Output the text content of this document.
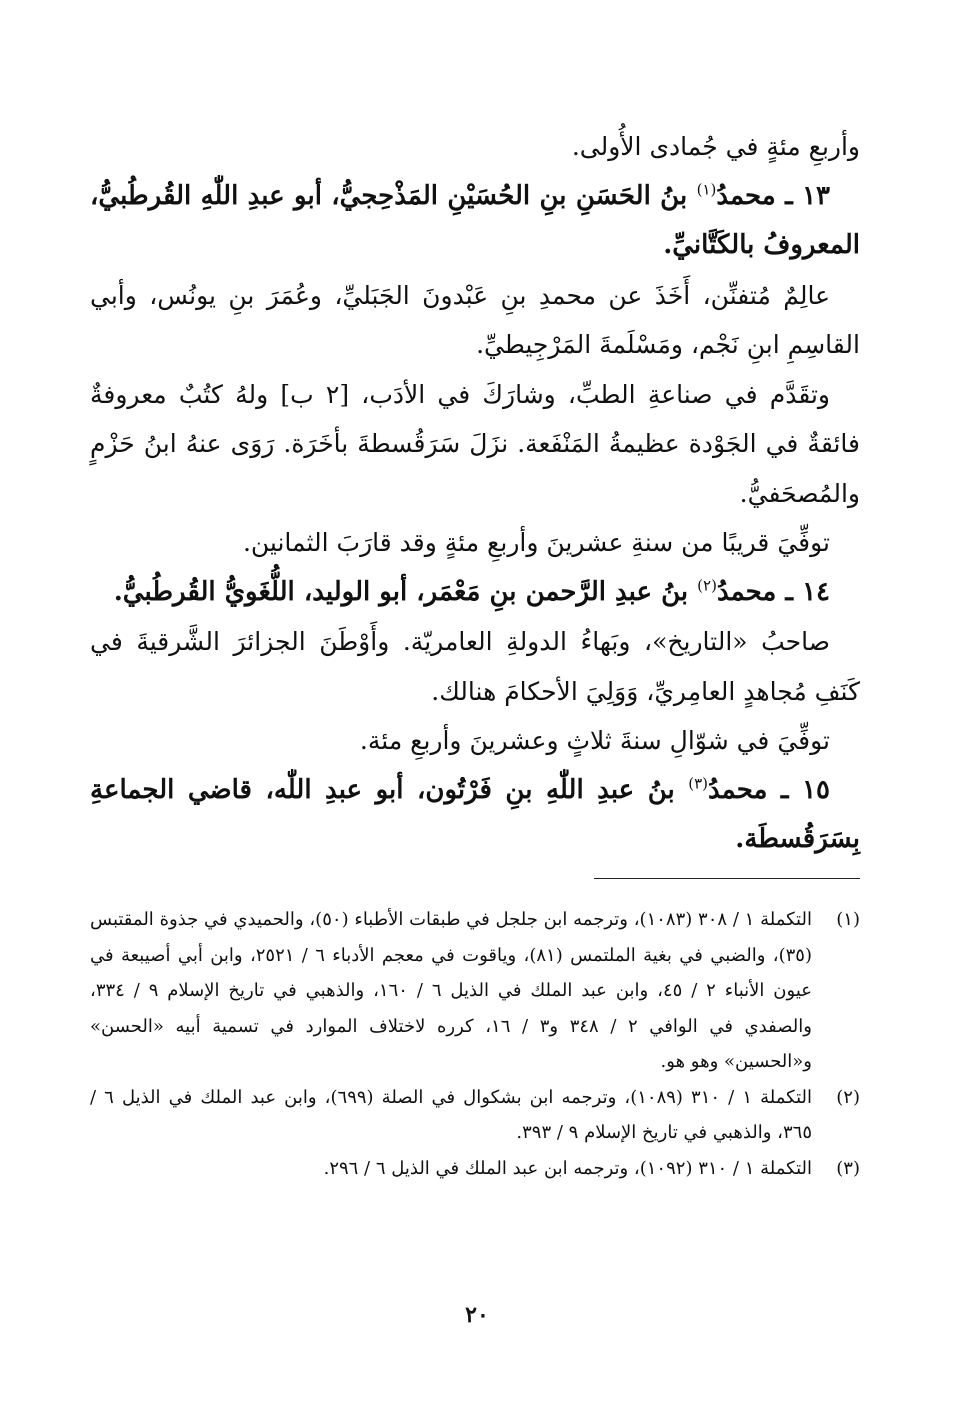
وأربعِ مئةٍ في جُمادى الأُولى.

١٣ ـ محمدُ$^{(١)}$ بنُ الحَسَنِ بنِ الحُسَيْنِ المَذْحِجيُّ، أبو عبدِ اللّٰهِ القُرطُبيُّ، المعروفُ بالكَتَّانيِّ.

عالِمٌ مُتفنِّن، أَخَذَ عن محمدِ بنِ عَبْدونَ الجَبَليِّ، وعُمَرَ بنِ يونُس، وأبي القاسِمِ ابنِ نَجْم، ومَسْلَمةَ المَرْجِيطيِّ.

وتقَدَّم في صناعةِ الطبِّ، وشارَكَ في الأدَب، [٢ ب] ولهُ كتُبٌ معروفةٌ فائقةٌ في الجَوْدة عظيمةُ المَنْفَعة. نزَلَ سَرَقُسطةَ بأخَرَة. رَوَى عنهُ ابنُ حَزْمٍ والمُصحَفيُّ.

توفِّيَ قريبًا من سنةِ عشرينَ وأربعِ مئةٍ وقد قارَبَ الثمانين.

١٤ ـ محمدُ$^{(٢)}$ بنُ عبدِ الرَّحمن بنِ مَعْمَر، أبو الوليد، اللُّغَويُّ القُرطُبيُّ.

صاحبُ «التاريخ»، وبَهاءُ الدولةِ العامريّة. وأَوْطَنَ الجزائرَ الشَّرقيةَ في كَنَفِ مُجاهدٍ العامِريِّ، وَوَلِيَ الأحكامَ هنالك.

توفِّيَ في شوّالِ سنةَ ثلاثٍ وعشرينَ وأربعِ مئة.

١٥ ـ محمدُ$^{(٣)}$ بنُ عبدِ اللّٰهِ بنِ فَرْتُون، أبو عبدِ اللّٰه، قاضي الجماعةِ بِسَرَقُسطَة.

(١)
التكملة ١ / ٣٠٨ (١٠٨٣)، وترجمه ابن جلجل في طبقات الأطباء (٥٠)، والحميدي في جذوة المقتبس (٣٥)، والضبي في بغية الملتمس (٨١)، وياقوت في معجم الأدباء ٦ / ٢٥٢١، وابن أبي أصيبعة في عيون الأنباء ٢ / ٤٥، وابن عبد الملك في الذيل ٦ / ١٦٠، والذهبي في تاريخ الإسلام ٩ / ٣٣٤، والصفدي في الوافي ٢ / ٣٤٨ و٣ / ١٦، كرره لاختلاف الموارد في تسمية أبيه «الحسن» و«الحسين» وهو هو.
(٢)
التكملة ١ / ٣١٠ (١٠٨٩)، وترجمه ابن بشكوال في الصلة (٦٩٩)، وابن عبد الملك في الذيل ٦ / ٣٦٥، والذهبي في تاريخ الإسلام ٩ / ٣٩٣.
(٣)
التكملة ١ / ٣١٠ (١٠٩٢)، وترجمه ابن عبد الملك في الذيل ٦ / ٢٩٦.
٢٠
